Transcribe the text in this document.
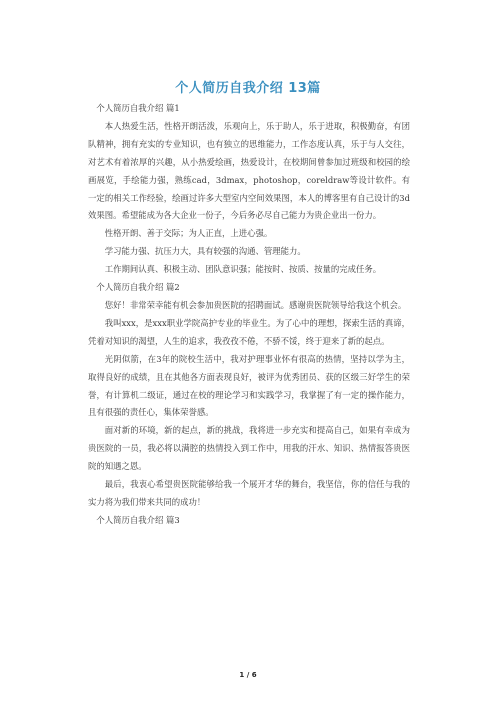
个人简历自我介绍 13篇

个人简历自我介绍 篇1

本人热爱生活，性格开朗活泼，乐观向上，乐于助人，乐于进取，积极勤奋，有团队精神，拥有充实的专业知识，也有独立的思维能力，工作态度认真，乐于与人交往，对艺术有着浓厚的兴趣，从小热爱绘画，热爱设计，在校期间曾参加过班级和校园的绘画展览，手绘能力强，熟练cad，3dmax，photoshop，coreldraw等设计软件。有一定的相关工作经验，绘画过许多大型室内空间效果图，本人的博客里有自己设计的3d效果图。希望能成为各大企业一份子，今后务必尽自己能力为贵企业出一份力。

性格开朗、善于交际；为人正直，上进心强。

学习能力强、抗压力大，具有较强的沟通、管理能力。

工作期间认真、积极主动、团队意识强；能按时、按质、按量的完成任务。

个人简历自我介绍 篇2

您好！非常荣幸能有机会参加贵医院的招聘面试。感谢贵医院领导给我这个机会。

我叫xxx，是xxx职业学院高护专业的毕业生。为了心中的理想，探索生活的真谛，凭着对知识的渴望，人生的追求，我孜孜不倦，不骄不馁，终于迎来了新的起点。

光阴似箭，在3年的院校生活中，我对护理事业怀有很高的热情，坚持以学为主，取得良好的成绩，且在其他各方面表现良好，被评为优秀团员、获的区级三好学生的荣誉，有计算机二级证，通过在校的理论学习和实践学习，我掌握了有一定的操作能力，且有很强的责任心，集体荣誉感。

面对新的环境，新的起点，新的挑战，我将进一步充实和提高自己，如果有幸成为贵医院的一员，我必将以满腔的热情投入到工作中，用我的汗水、知识、热情报答贵医院的知遇之恩。

最后，我衷心希望贵医院能够给我一个展开才华的舞台，我坚信，你的信任与我的实力将为我们带来共同的成功！

个人简历自我介绍 篇3

1 / 6
